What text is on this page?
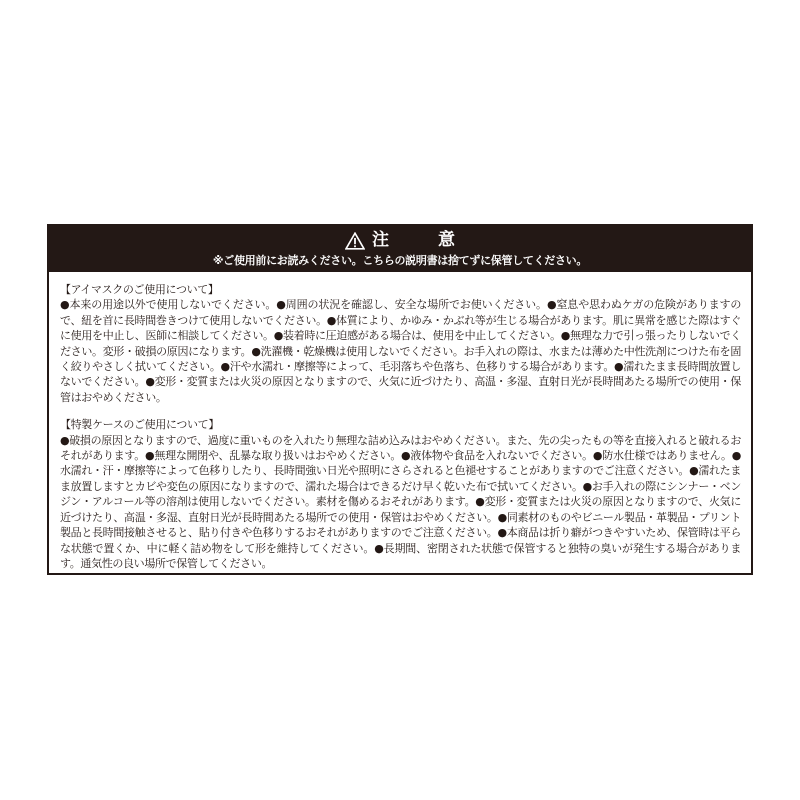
注　意
※ご使用前にお読みください。こちらの説明書は捨てずに保管してください。
【アイマスクのご使用について】
●本来の用途以外で使用しないでください。●周囲の状況を確認し、安全な場所でお使いください。●窒息や思わぬケガの危険がありますので、紐を首に長時間巻きつけて使用しないでください。●体質により、かゆみ・かぶれ等が生じる場合があります。肌に異常を感じた際はすぐに使用を中止し、医師に相談してください。●装着時に圧迫感がある場合は、使用を中止してください。●無理な力で引っ張ったりしないでください。変形・破損の原因になります。●洗濯機・乾燥機は使用しないでください。お手入れの際は、水または薄めた中性洗剤につけた布を固く絞りやさしく拭いてください。●汗や水濡れ・摩擦等によって、毛羽落ちや色落ち、色移りする場合があります。●濡れたまま長時間放置しないでください。●変形・変質または火災の原因となりますので、火気に近づけたり、高温・多湿、直射日光が長時間あたる場所での使用・保管はおやめください。
【特製ケースのご使用について】
●破損の原因となりますので、過度に重いものを入れたり無理な詰め込みはおやめください。また、先の尖ったもの等を直接入れると破れるおそれがあります。●無理な開閉や、乱暴な取り扱いはおやめください。●液体物や食品を入れないでください。●防水仕様ではありません。●水濡れ・汗・摩擦等によって色移りしたり、長時間強い日光や照明にさらされると色褪せすることがありますのでご注意ください。●濡れたまま放置しますとカビや変色の原因になりますので、濡れた場合はできるだけ早く乾いた布で拭いてください。●お手入れの際にシンナー・ベンジン・アルコール等の溶剤は使用しないでください。素材を傷めるおそれがあります。●変形・変質または火災の原因となりますので、火気に近づけたり、高温・多湿、直射日光が長時間あたる場所での使用・保管はおやめください。●同素材のものやビニール製品・革製品・プリント製品と長時間接触させると、貼り付きや色移りするおそれがありますのでご注意ください。●本商品は折り癖がつきやすいため、保管時は平らな状態で置くか、中に軽く詰め物をして形を維持してください。●長期間、密閉された状態で保管すると独特の臭いが発生する場合があります。通気性の良い場所で保管してください。
